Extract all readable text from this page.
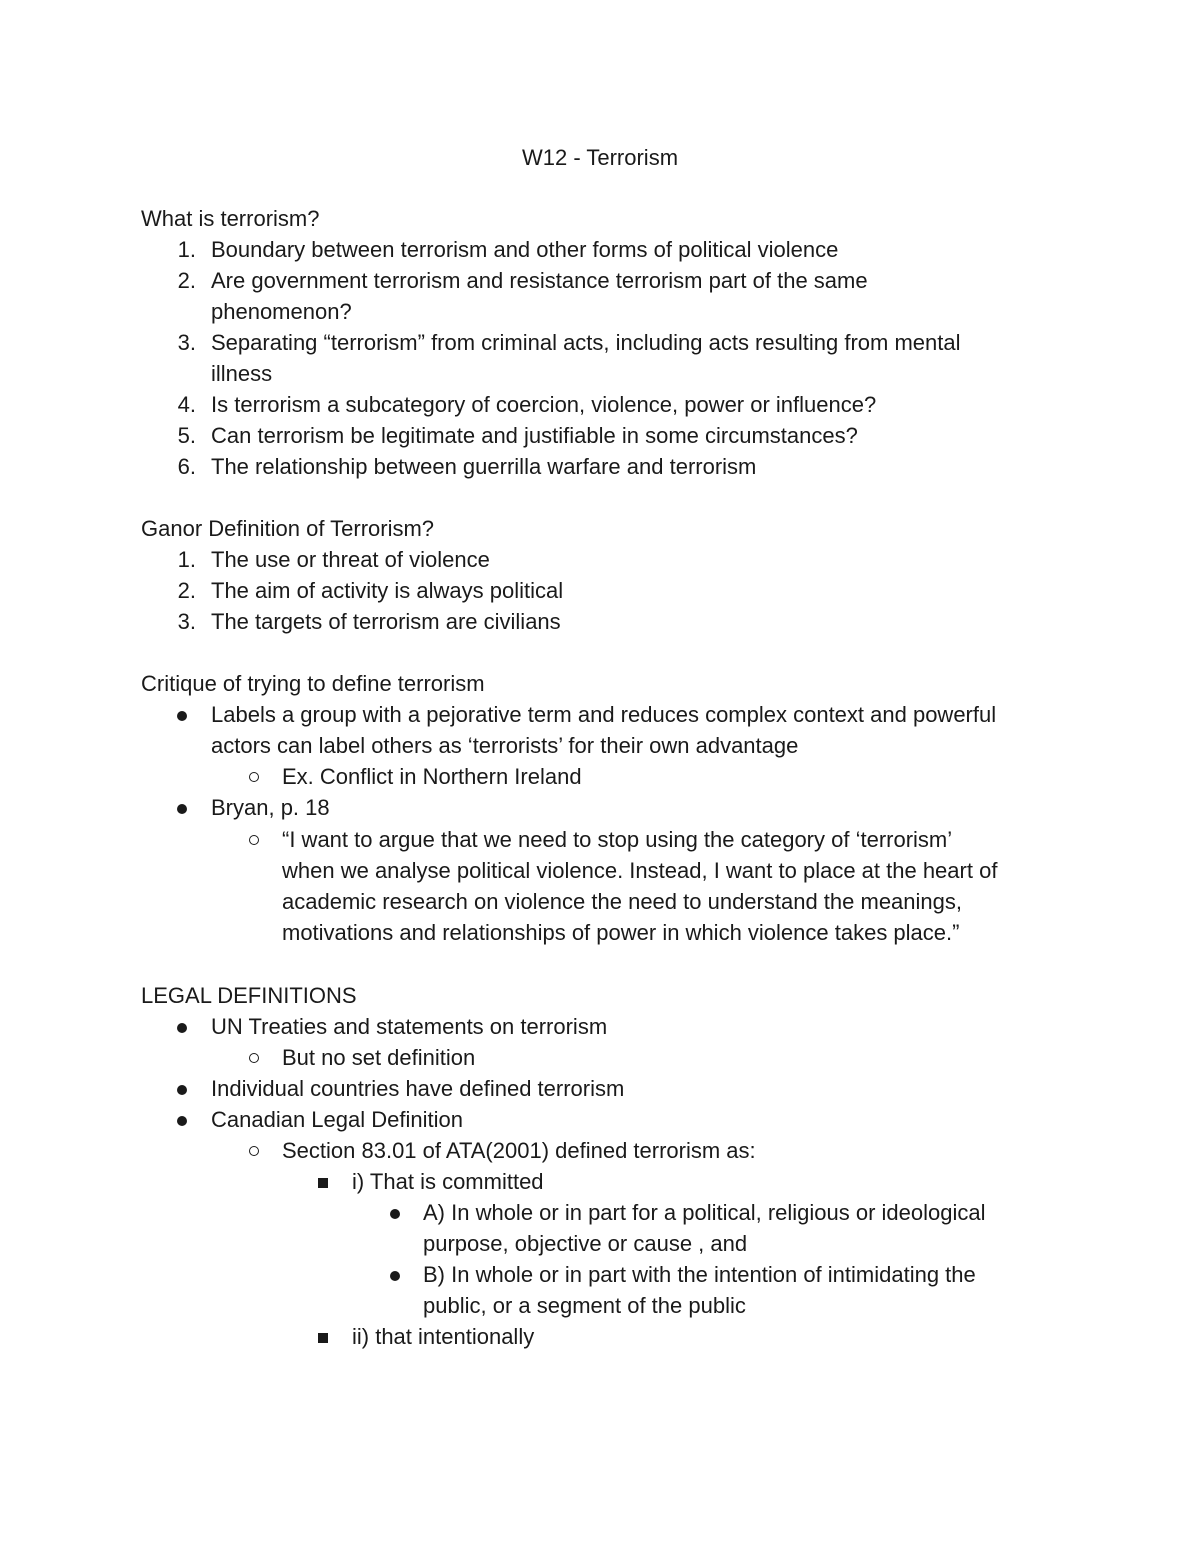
W12 - Terrorism
What is terrorism?
1. Boundary between terrorism and other forms of political violence
2. Are government terrorism and resistance terrorism part of the same
phenomenon?
3. Separating “terrorism” from criminal acts, including acts resulting from mental
illness
4. Is terrorism a subcategory of coercion, violence, power or influence?
5. Can terrorism be legitimate and justifiable in some circumstances?
6. The relationship between guerrilla warfare and terrorism
Ganor Definition of Terrorism?
1. The use or threat of violence
2. The aim of activity is always political
3. The targets of terrorism are civilians
Critique of trying to define terrorism
Labels a group with a pejorative term and reduces complex context and powerful
actors can label others as ‘terrorists’ for their own advantage
Ex. Conflict in Northern Ireland
Bryan, p. 18
“I want to argue that we need to stop using the category of ‘terrorism’
when we analyse political violence. Instead, I want to place at the heart of
academic research on violence the need to understand the meanings,
motivations and relationships of power in which violence takes place.”
LEGAL DEFINITIONS
UN Treaties and statements on terrorism
But no set definition
Individual countries have defined terrorism
Canadian Legal Definition
Section 83.01 of ATA(2001) defined terrorism as:
i) That is committed
A) In whole or in part for a political, religious or ideological
purpose, objective or cause , and
B) In whole or in part with the intention of intimidating the
public, or a segment of the public
ii) that intentionally
